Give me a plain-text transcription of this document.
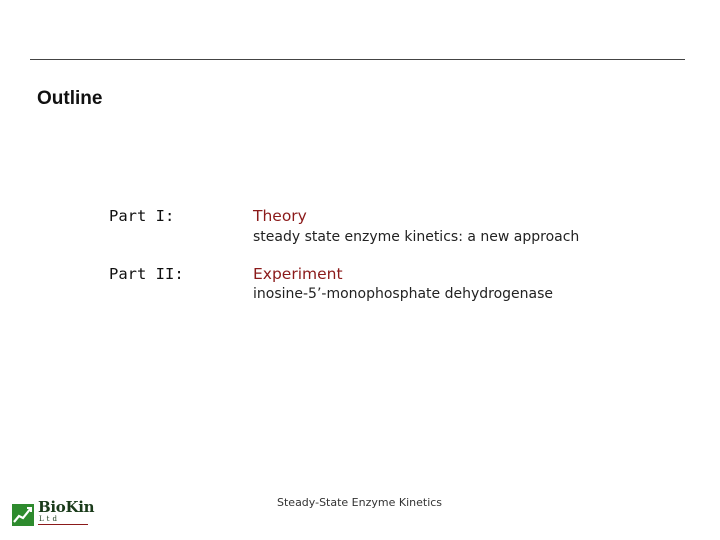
Outline
Part I:	Theory
steady state enzyme kinetics: a new approach
Part II:	Experiment
inosine-5’-monophosphate dehydrogenase
BioKin
Ltd
Steady-State Enzyme Kinetics
